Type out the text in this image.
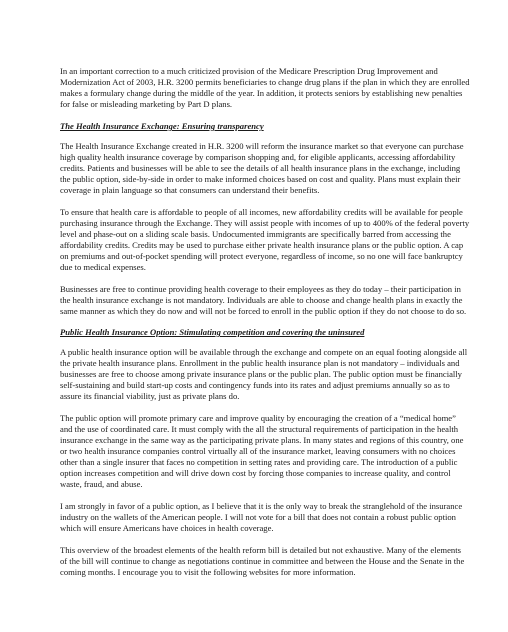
In an important correction to a much criticized provision of the Medicare Prescription Drug Improvement and Modernization Act of 2003, H.R. 3200 permits beneficiaries to change drug plans if the plan in which they are enrolled makes a formulary change during the middle of the year. In addition, it protects seniors by establishing new penalties for false or misleading marketing by Part D plans.

The Health Insurance Exchange: Ensuring transparency

The Health Insurance Exchange created in H.R. 3200 will reform the insurance market so that everyone can purchase high quality health insurance coverage by comparison shopping and, for eligible applicants, accessing affordability credits. Patients and businesses will be able to see the details of all health insurance plans in the exchange, including the public option, side-by-side in order to make informed choices based on cost and quality. Plans must explain their coverage in plain language so that consumers can understand their benefits.

To ensure that health care is affordable to people of all incomes, new affordability credits will be available for people purchasing insurance through the Exchange. They will assist people with incomes of up to 400% of the federal poverty level and phase-out on a sliding scale basis. Undocumented immigrants are specifically barred from accessing the affordability credits. Credits may be used to purchase either private health insurance plans or the public option. A cap on premiums and out-of-pocket spending will protect everyone, regardless of income, so no one will face bankruptcy due to medical expenses.

Businesses are free to continue providing health coverage to their employees as they do today – their participation in the health insurance exchange is not mandatory. Individuals are able to choose and change health plans in exactly the same manner as which they do now and will not be forced to enroll in the public option if they do not choose to do so.

Public Health Insurance Option: Stimulating competition and covering the uninsured

A public health insurance option will be available through the exchange and compete on an equal footing alongside all the private health insurance plans. Enrollment in the public health insurance plan is not mandatory – individuals and businesses are free to choose among private insurance plans or the public plan. The public option must be financially self-sustaining and build start-up costs and contingency funds into its rates and adjust premiums annually so as to assure its financial viability, just as private plans do.

The public option will promote primary care and improve quality by encouraging the creation of a “medical home” and the use of coordinated care. It must comply with the all the structural requirements of participation in the health insurance exchange in the same way as the participating private plans. In many states and regions of this country, one or two health insurance companies control virtually all of the insurance market, leaving consumers with no choices other than a single insurer that faces no competition in setting rates and providing care. The introduction of a public option increases competition and will drive down cost by forcing those companies to increase quality, and control waste, fraud, and abuse.

I am strongly in favor of a public option, as I believe that it is the only way to break the stranglehold of the insurance industry on the wallets of the American people. I will not vote for a bill that does not contain a robust public option which will ensure Americans have choices in health coverage.

This overview of the broadest elements of the health reform bill is detailed but not exhaustive. Many of the elements of the bill will continue to change as negotiations continue in committee and between the House and the Senate in the coming months. I encourage you to visit the following websites for more information.
